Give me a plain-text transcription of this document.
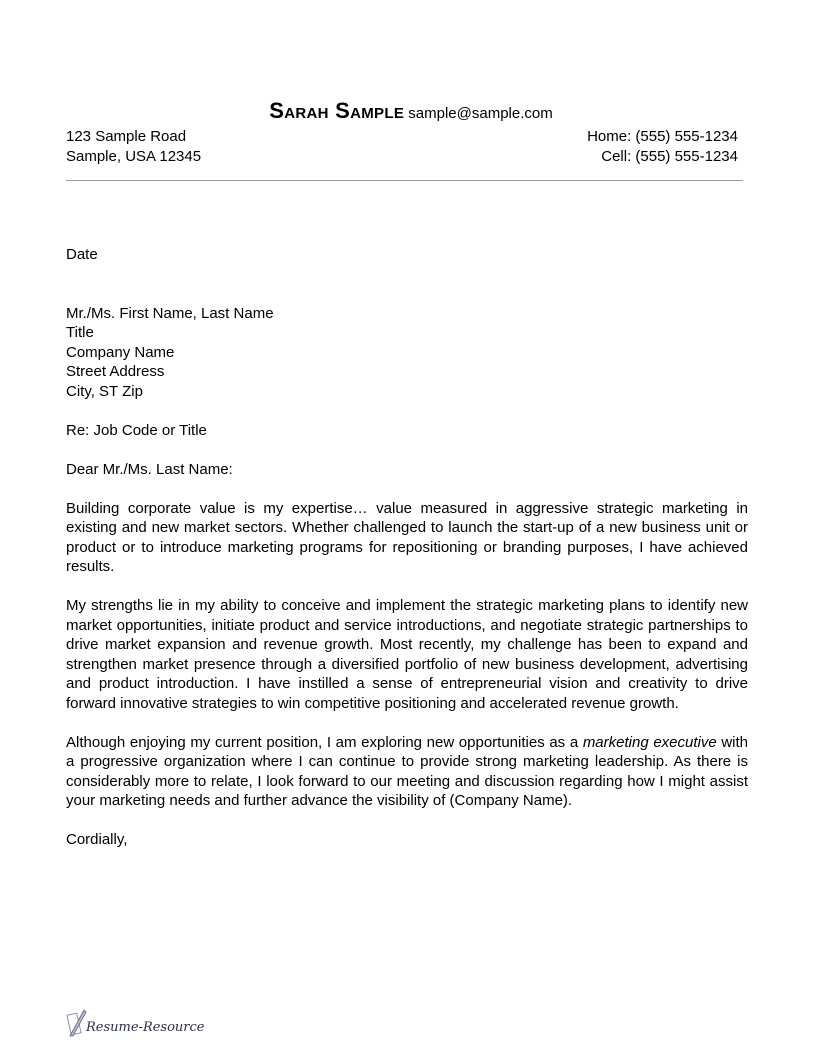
Sarah Sample sample@sample.com
123 Sample Road	Home: (555) 555-1234
Sample, USA 12345	Cell: (555) 555-1234
Date
Mr./Ms. First Name, Last Name
Title
Company Name
Street Address
City, ST Zip
Re: Job Code or Title
Dear Mr./Ms. Last Name:

Building corporate value is my expertise… value measured in aggressive strategic marketing in existing and new market sectors. Whether challenged to launch the start-up of a new business unit or product or to introduce marketing programs for repositioning or branding purposes, I have achieved results.

My strengths lie in my ability to conceive and implement the strategic marketing plans to identify new market opportunities, initiate product and service introductions, and negotiate strategic partnerships to drive market expansion and revenue growth. Most recently, my challenge has been to expand and strengthen market presence through a diversified portfolio of new business development, advertising and product introduction. I have instilled a sense of entrepreneurial vision and creativity to drive forward innovative strategies to win competitive positioning and accelerated revenue growth.

Although enjoying my current position, I am exploring new opportunities as a marketing executive with a progressive organization where I can continue to provide strong marketing leadership. As there is considerably more to relate, I look forward to our meeting and discussion regarding how I might assist your marketing needs and further advance the visibility of (Company Name).

Cordially,
Resume-Resource
